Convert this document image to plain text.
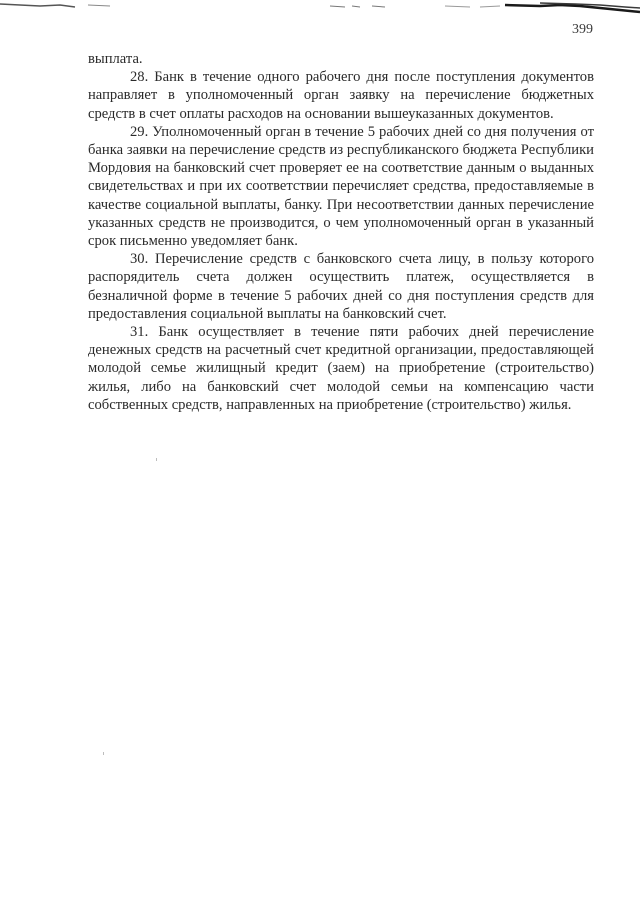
399

выплата.

28. Банк в течение одного рабочего дня после поступления документов направляет в уполномоченный орган заявку на перечисление бюджетных средств в счет оплаты расходов на основании вышеуказанных документов.

29. Уполномоченный орган в течение 5 рабочих дней со дня получения от банка заявки на перечисление средств из республиканского бюджета Республики Мордовия на банковский счет проверяет ее на соответствие данным о выданных свидетельствах и при их соответствии перечисляет средства, предоставляемые в качестве социальной выплаты, банку. При несоответствии данных перечисление указанных средств не производится, о чем уполномоченный орган в указанный срок письменно уведомляет банк.

30. Перечисление средств с банковского счета лицу, в пользу которого распорядитель счета должен осуществить платеж, осуществляется в безналичной форме в течение 5 рабочих дней со дня поступления средств для предоставления социальной выплаты на банковский счет.

31. Банк осуществляет в течение пяти рабочих дней перечисление денежных средств на расчетный счет кредитной организации, предоставляющей молодой семье жилищный кредит (заем) на приобретение (строительство) жилья, либо на банковский счет молодой семьи на компенсацию части собственных средств, направленных на приобретение (строительство) жилья.
